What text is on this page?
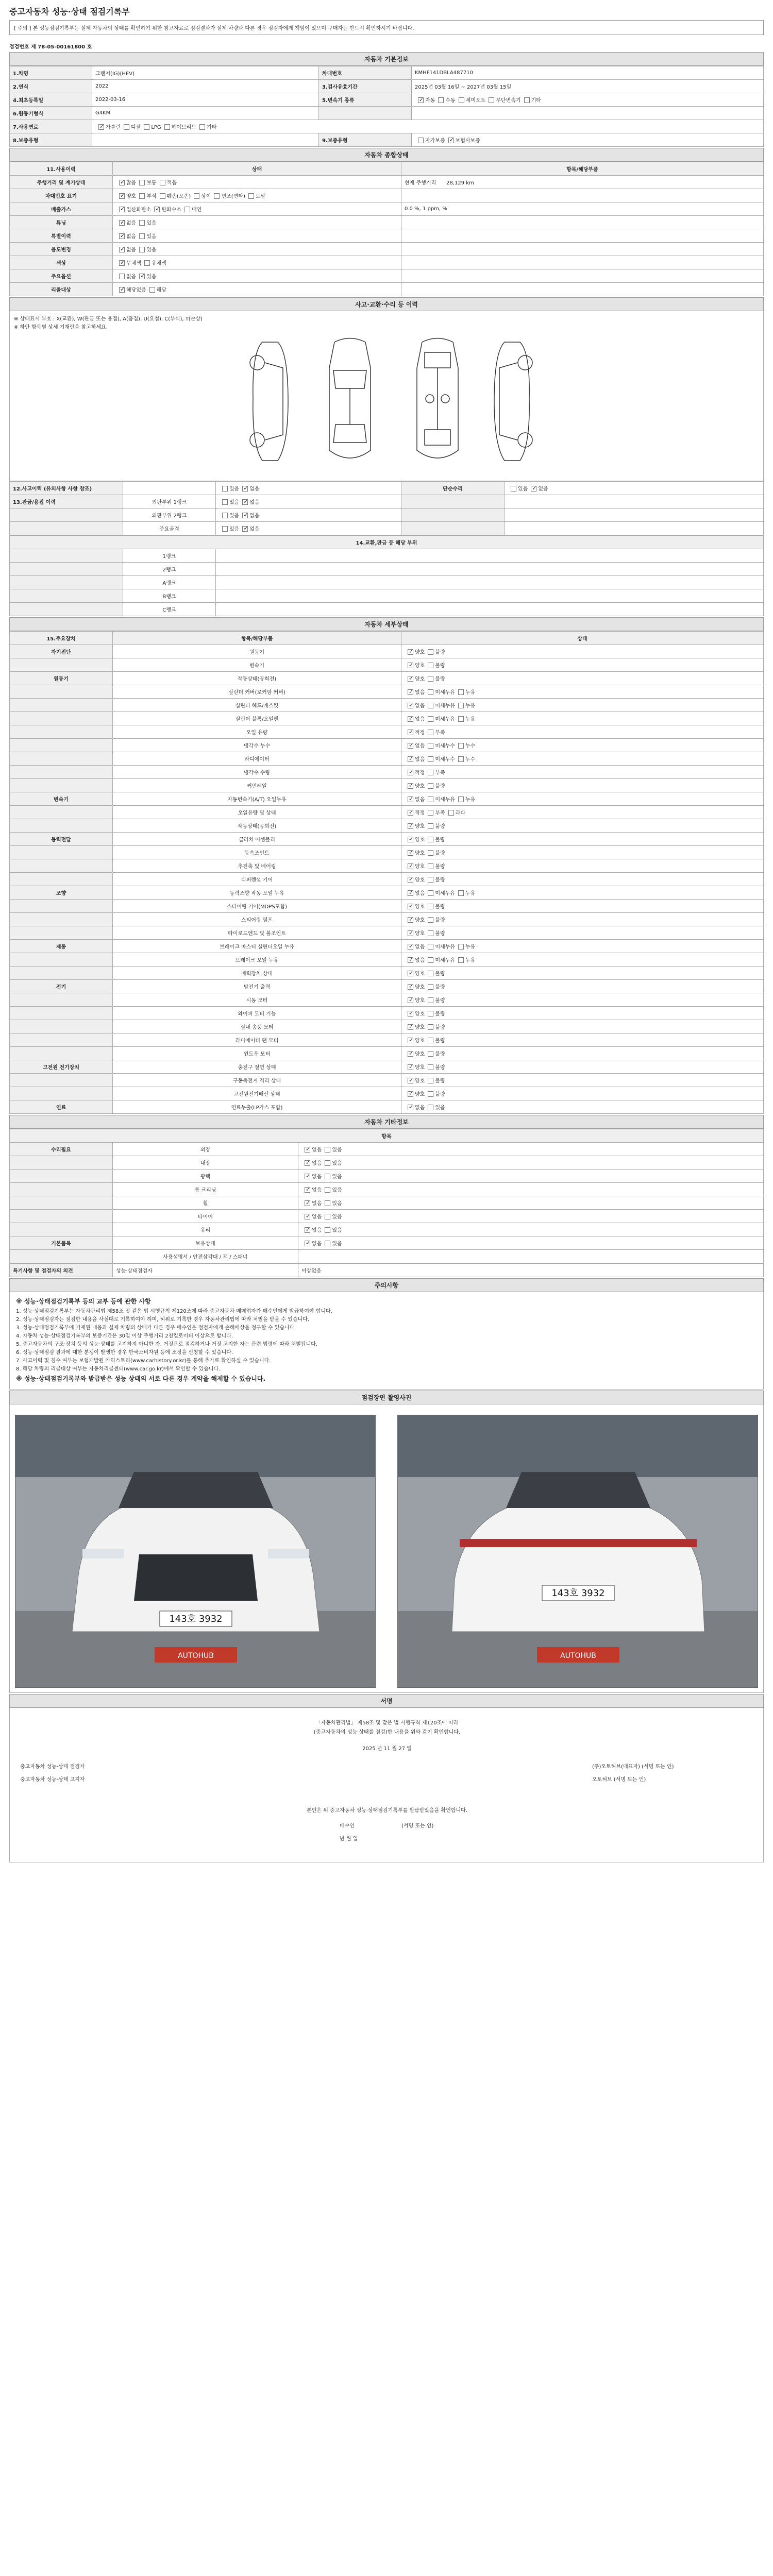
중고자동차 성능·상태 점검기록부
[ 주의 ] 본 성능점검기록부는 실제 자동차의 상태를 확인하기 위한 참고자료로 점검결과가 실제 차량과 다른 경우 점검자에게 책임이 있으며 구매자는 반드시 확인하시기 바랍니다.
점검번호 제 78-05-00161800 호
자동차 기본정보
1.차명	그랜저(IG)(HEV)	차대번호	KMHF141DBLA487710
2.연식	2022	3.검사유효기간	2025년 03월 16일 ~ 2027년 03월 15일
4.최초등록일	2022-03-16	5.변속기 종류	✓자동 수동 세미오토 무단변속기 기타
6.원동기형식	G4KM		
7.사용연료	✓가솔린 디젤 LPG 하이브리드 기타
8.보증유형		9.보증유형	자가보증 ✓ 보험사보증
자동차 종합상태
11.사용이력	상태	항목/해당부품
주행거리 및 계기상태	✓많음 보통 적음	현재 주행거리 28,129 km
차대번호 표기	✓양호 부식 훼손(오손) 상이 변조(변타) 도말	
배출가스	✓일산화탄소 ✓ 탄화수소 매연	0.0 %, 1 ppm, %
튜닝	✓없음 있음	
특별이력	✓없음 있음	
용도변경	✓없음 있음	
색상	✓무채색 유채색	
주요옵션	없음 ✓ 있음	
리콜대상	✓해당없음 해당	
사고·교환·수리 등 이력
※ 상태표시 부호 : X(교환), W(판금 또는 용접), A(흠집), U(요철), C(부식), T(손상)
※ 하단 항목별 상세 기재란을 참고하세요.
12.사고이력 (유의사항 사항 참조)		있음 ✓ 없음	단순수리	있음 ✓ 없음
13.판금/용접 이력	외판부위 1랭크	있음 ✓ 없음		
	외판부위 2랭크	있음 ✓ 없음		
	주요골격	있음 ✓ 없음		
14.교환,판금 등 해당 부위		
	1랭크	
	2랭크	
	A랭크	
	B랭크	
	C랭크	
자동차 세부상태
15.주요장치	항목/해당부품	상태
자기진단	원동기	✓양호 불량
	변속기	✓양호 불량
원동기	작동상태(공회전)	✓양호 불량
	실린더 커버(로커암 커버)	✓없음 미세누유 누유
	실린더 헤드/개스킷	✓없음 미세누유 누유
	실린더 블록/오일팬	✓없음 미세누유 누유
	오일 유량	✓적정 부족
	냉각수 누수	✓없음 미세누수 누수
	라디에이터	✓없음 미세누수 누수
	냉각수 수량	✓적정 부족
	커먼레일	✓양호 불량
변속기	자동변속기(A/T) 오일누유	✓없음 미세누유 누유
	오일유량 및 상태	✓적정 부족 과다
	작동상태(공회전)	✓양호 불량
동력전달	클러치 어셈블리	✓양호 불량
	등속조인트	✓양호 불량
	추진축 및 베어링	✓양호 불량
	디퍼렌셜 기어	✓양호 불량
조향	동력조향 작동 오일 누유	✓없음 미세누유 누유
	스티어링 기어(MDPS포함)	✓양호 불량
	스티어링 펌프	✓양호 불량
	타이로드엔드 및 볼조인트	✓양호 불량
제동	브레이크 마스터 실린더오일 누유	✓없음 미세누유 누유
	브레이크 오일 누유	✓없음 미세누유 누유
	배력장치 상태	✓양호 불량
전기	발전기 출력	✓양호 불량
	시동 모터	✓양호 불량
	와이퍼 모터 기능	✓양호 불량
	실내 송풍 모터	✓양호 불량
	라디에이터 팬 모터	✓양호 불량
	윈도우 모터	✓양호 불량
고전원 전기장치	충전구 절연 상태	✓양호 불량
	구동축전지 격리 상태	✓양호 불량
	고전원전기배선 상태	✓양호 불량
연료	연료누출(LP가스 포함)	✓없음 있음
자동차 기타정보
항목		
수리필요	외장	✓없음 있음
	내장	✓없음 있음
	광택	✓없음 있음
	룸 크리닝	✓없음 있음
	휠	✓없음 있음
	타이어	✓없음 있음
	유리	✓없음 있음
기본품목	보유상태	✓없음 있음
	사용설명서 / 안전삼각대 / 잭 / 스패너	
특기사항 및 점검자의 의견	성능·상태점검자	이상없음
주의사항

※ 성능·상태점검기록부 등의 교부 등에 관한 사항

1. 성능·상태점검기록부는 자동차관리법 제58조 및 같은 법 시행규칙 제120조에 따라 중고자동차 매매업자가 매수인에게 발급하여야 합니다.

2. 성능·상태점검자는 점검한 내용을 사실대로 기록하여야 하며, 허위로 기록한 경우 자동차관리법에 따라 처벌을 받을 수 있습니다.

3. 성능·상태점검기록부에 기재된 내용과 실제 차량의 상태가 다른 경우 매수인은 점검자에게 손해배상을 청구할 수 있습니다.

4. 자동차 성능·상태점검기록부의 보증기간은 30일 이상 주행거리 2천킬로미터 이상으로 합니다.

5. 중고자동차의 구조·장치 등의 성능·상태를 고지하지 아니한 자, 거짓으로 점검하거나 거짓 고지한 자는 관련 법령에 따라 처벌됩니다.

6. 성능·상태점검 결과에 대한 분쟁이 발생한 경우 한국소비자원 등에 조정을 신청할 수 있습니다.

7. 사고이력 및 침수 여부는 보험개발원 카히스토리(www.carhistory.or.kr)를 통해 추가로 확인하실 수 있습니다.

8. 해당 차량의 리콜대상 여부는 자동차리콜센터(www.car.go.kr)에서 확인할 수 있습니다.

※ 성능·상태점검기록부와 발급받은 성능 상태의 서로 다른 경우 계약을 해제할 수 있습니다.

점검장면 촬영사진
143호 3932
AUTOHUB
143호 3932
AUTOHUB
서명
「자동차관리법」 제58조 및 같은 법 시행규칙 제120조에 따라
(중고자동차의 성능·상태를 점검)한 내용을 위와 같이 확인합니다.
2025 년 11 월 27 일
중고자동차 성능·상태 점검자	(주)오토허브(대표자) (서명 또는 인)
중고자동차 성능·상태 고지자	오토허브 (서명 또는 인)
본인은 위 중고자동차 성능·상태점검기록부를 발급받았음을 확인합니다.
매수인	(서명 또는 인)
년 월 일
